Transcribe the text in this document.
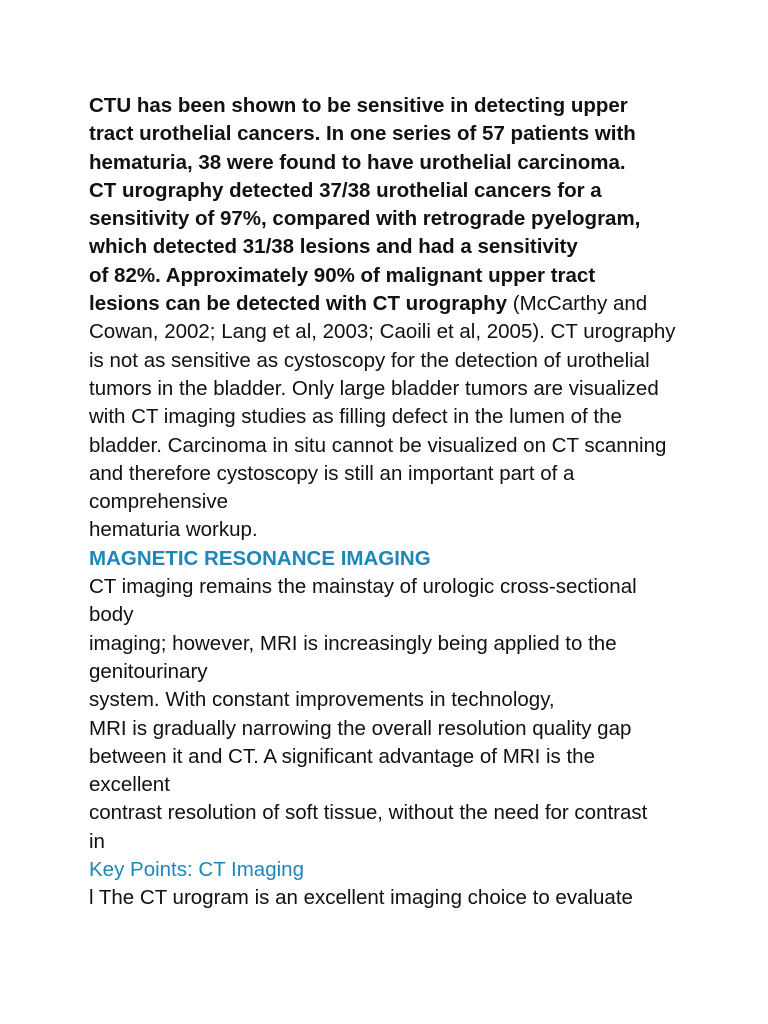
CTU has been shown to be sensitive in detecting upper
tract urothelial cancers. In one series of 57 patients with
hematuria, 38 were found to have urothelial carcinoma.
CT urography detected 37/38 urothelial cancers for a
sensitivity of 97%, compared with retrograde pyelogram,
which detected 31/38 lesions and had a sensitivity
of 82%. Approximately 90% of malignant upper tract
lesions can be detected with CT urography (McCarthy and
Cowan, 2002; Lang et al, 2003; Caoili et al, 2005). CT urography
is not as sensitive as cystoscopy for the detection of urothelial
tumors in the bladder. Only large bladder tumors are visualized
with CT imaging studies as filling defect in the lumen of the
bladder. Carcinoma in situ cannot be visualized on CT scanning
and therefore cystoscopy is still an important part of a
comprehensive
hematuria workup.
MAGNETIC RESONANCE IMAGING
CT imaging remains the mainstay of urologic cross-sectional
body
imaging; however, MRI is increasingly being applied to the
genitourinary
system. With constant improvements in technology,
MRI is gradually narrowing the overall resolution quality gap
between it and CT. A significant advantage of MRI is the
excellent
contrast resolution of soft tissue, without the need for contrast
in
Key Points: CT Imaging
l The CT urogram is an excellent imaging choice to evaluate
